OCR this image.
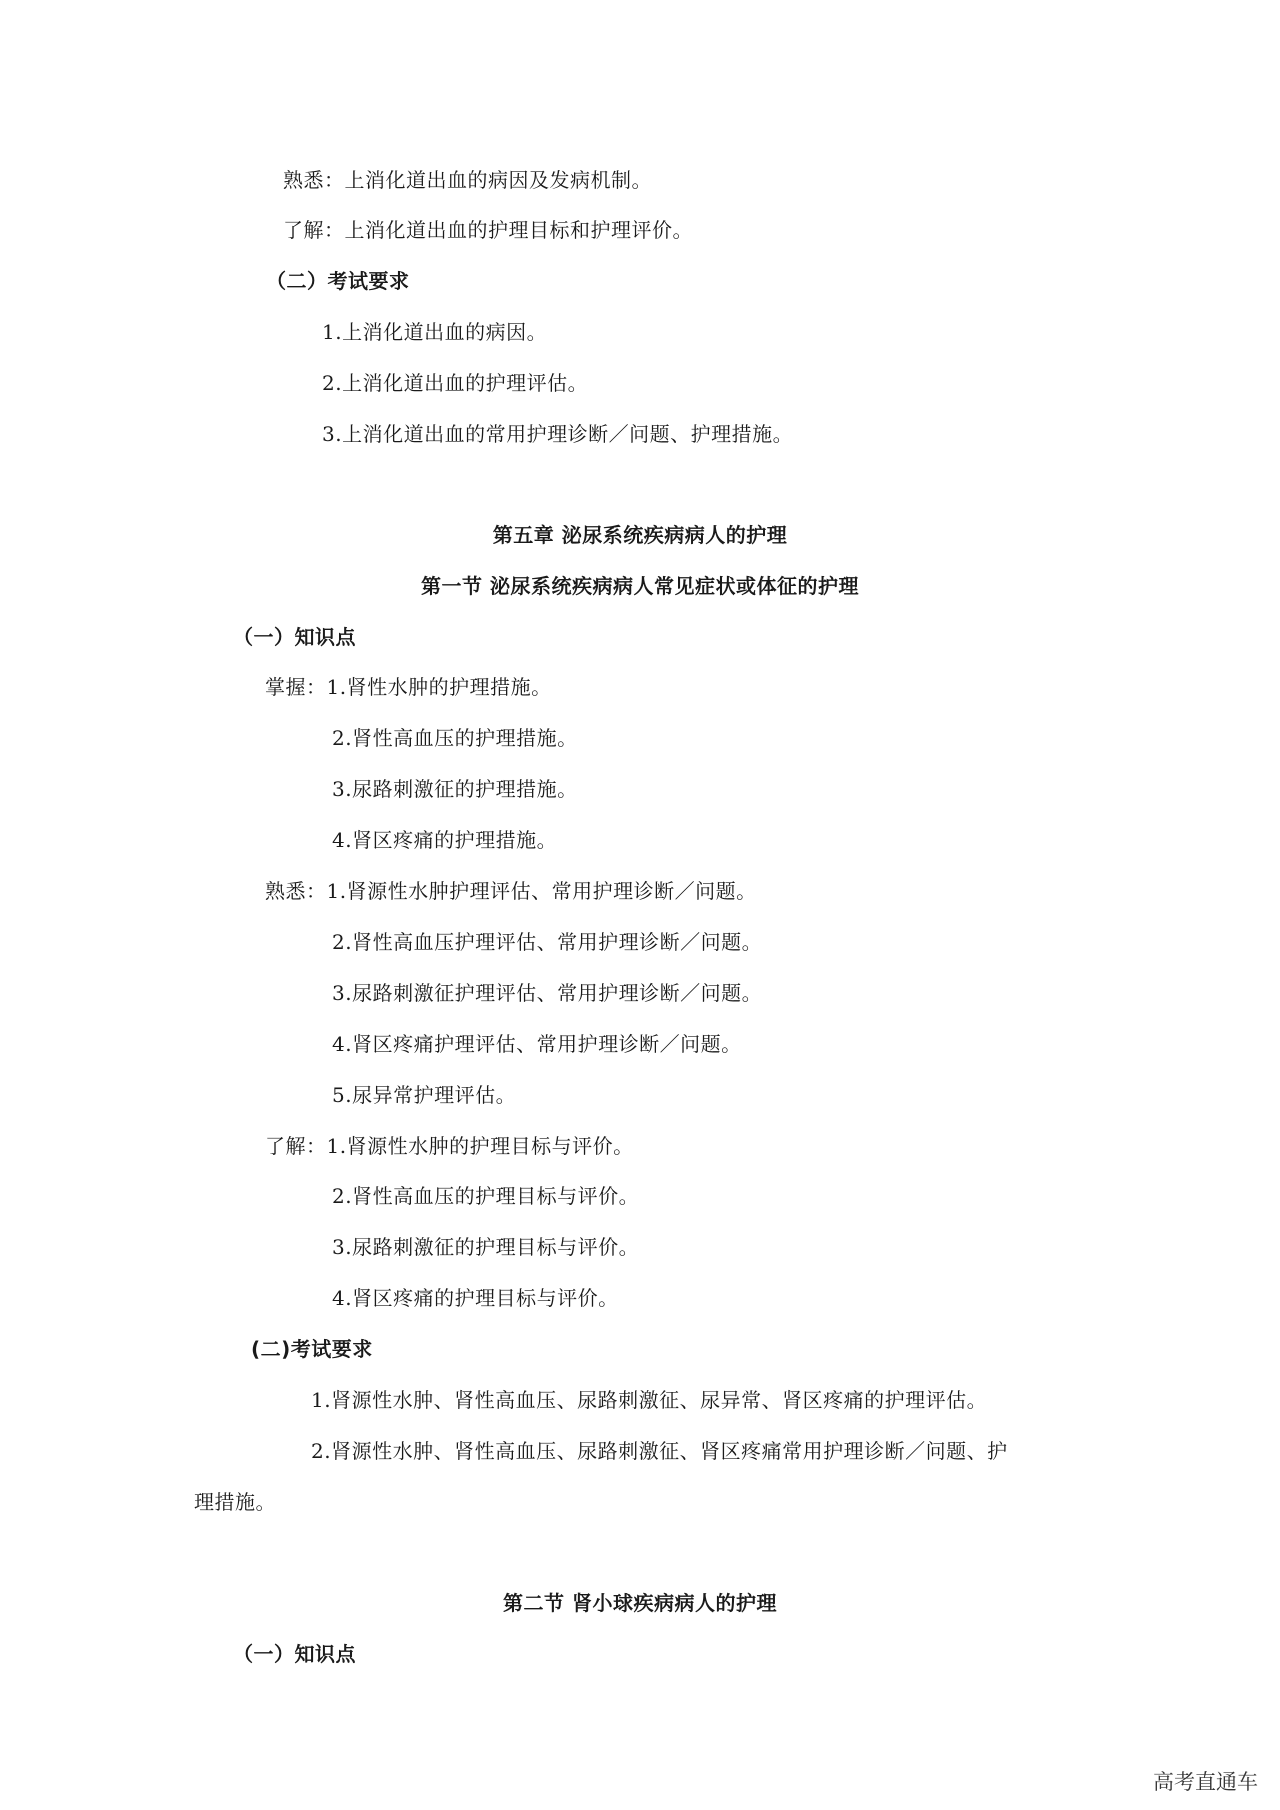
熟悉：上消化道出血的病因及发病机制。
了解：上消化道出血的护理目标和护理评价。
（二）考试要求
1.上消化道出血的病因。
2.上消化道出血的护理评估。
3.上消化道出血的常用护理诊断／问题、护理措施。
第五章 泌尿系统疾病病人的护理
第一节 泌尿系统疾病病人常见症状或体征的护理
（一）知识点
掌握：1.肾性水肿的护理措施。
2.肾性高血压的护理措施。
3.尿路刺激征的护理措施。
4.肾区疼痛的护理措施。
熟悉：1.肾源性水肿护理评估、常用护理诊断／问题。
2.肾性高血压护理评估、常用护理诊断／问题。
3.尿路刺激征护理评估、常用护理诊断／问题。
4.肾区疼痛护理评估、常用护理诊断／问题。
5.尿异常护理评估。
了解：1.肾源性水肿的护理目标与评价。
2.肾性高血压的护理目标与评价。
3.尿路刺激征的护理目标与评价。
4.肾区疼痛的护理目标与评价。
(二)考试要求
1.肾源性水肿、肾性高血压、尿路刺激征、尿异常、肾区疼痛的护理评估。
2.肾源性水肿、肾性高血压、尿路刺激征、肾区疼痛常用护理诊断／问题、护
理措施。
第二节 肾小球疾病病人的护理
（一）知识点
高考直通车
